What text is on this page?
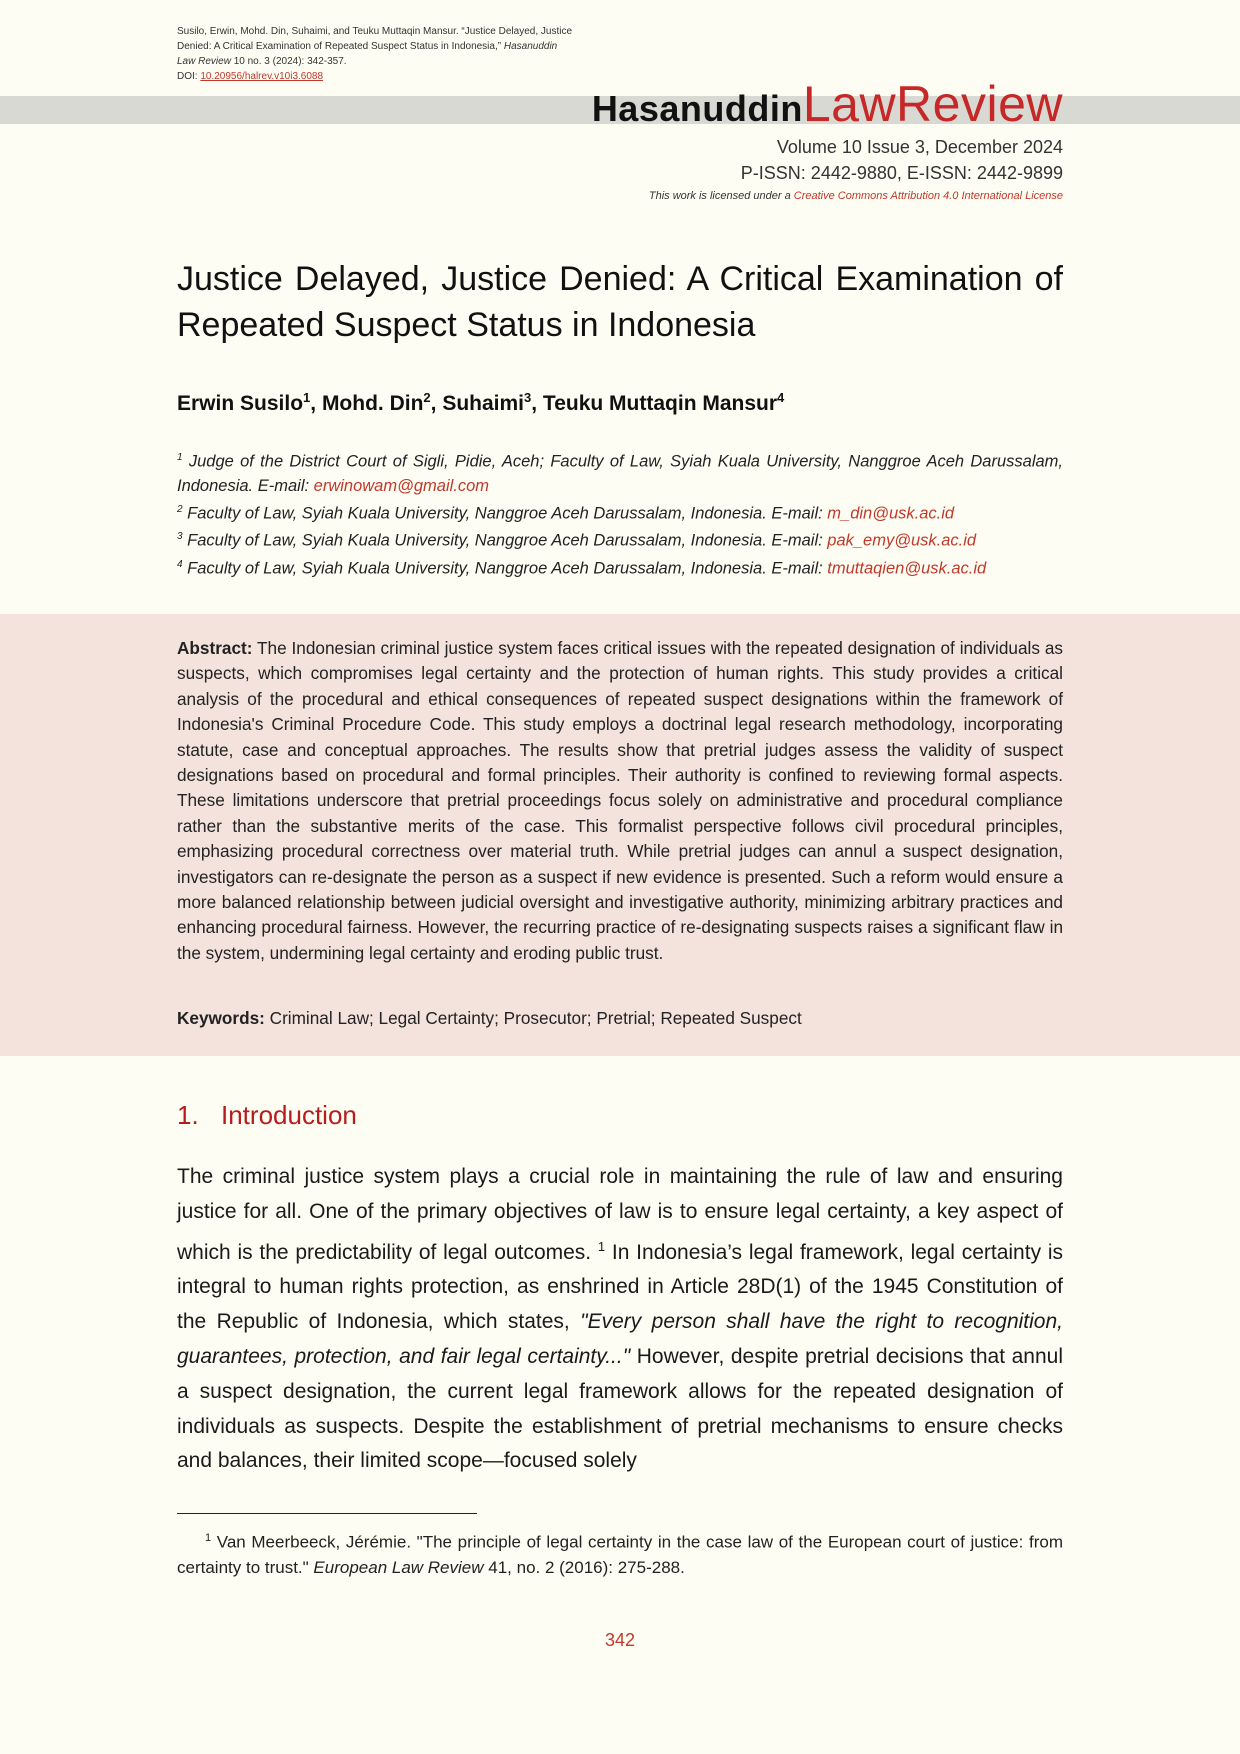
Susilo, Erwin, Mohd. Din, Suhaimi, and Teuku Muttaqin Mansur. “Justice Delayed, Justice Denied: A Critical Examination of Repeated Suspect Status in Indonesia,” Hasanuddin Law Review 10 no. 3 (2024): 342-357.
DOI: 10.20956/halrev.v10i3.6088
HasanuddinLawReview
Volume 10 Issue 3, December 2024
P-ISSN: 2442-9880, E-ISSN: 2442-9899
This work is licensed under a Creative Commons Attribution 4.0 International License
Justice Delayed, Justice Denied: A Critical Examination of Repeated Suspect Status in Indonesia
Erwin Susilo$^1$, Mohd. Din$^2$, Suhaimi$^3$, Teuku Muttaqin Mansur$^4$

$^1$ Judge of the District Court of Sigli, Pidie, Aceh; Faculty of Law, Syiah Kuala University, Nanggroe Aceh Darussalam, Indonesia. E-mail: erwinowam@gmail.com

$^2$ Faculty of Law, Syiah Kuala University, Nanggroe Aceh Darussalam, Indonesia. E-mail: m_din@usk.ac.id

$^3$ Faculty of Law, Syiah Kuala University, Nanggroe Aceh Darussalam, Indonesia. E-mail: pak_emy@usk.ac.id

$^4$ Faculty of Law, Syiah Kuala University, Nanggroe Aceh Darussalam, Indonesia. E-mail: tmuttaqien@usk.ac.id

Abstract: The Indonesian criminal justice system faces critical issues with the repeated designation of individuals as suspects, which compromises legal certainty and the protection of human rights. This study provides a critical analysis of the procedural and ethical consequences of repeated suspect designations within the framework of Indonesia's Criminal Procedure Code. This study employs a doctrinal legal research methodology, incorporating statute, case and conceptual approaches. The results show that pretrial judges assess the validity of suspect designations based on procedural and formal principles. Their authority is confined to reviewing formal aspects. These limitations underscore that pretrial proceedings focus solely on administrative and procedural compliance rather than the substantive merits of the case. This formalist perspective follows civil procedural principles, emphasizing procedural correctness over material truth. While pretrial judges can annul a suspect designation, investigators can re-designate the person as a suspect if new evidence is presented. Such a reform would ensure a more balanced relationship between judicial oversight and investigative authority, minimizing arbitrary practices and enhancing procedural fairness. However, the recurring practice of re-designating suspects raises a significant flaw in the system, undermining legal certainty and eroding public trust.

Keywords: Criminal Law; Legal Certainty; Prosecutor; Pretrial; Repeated Suspect

1. Introduction

The criminal justice system plays a crucial role in maintaining the rule of law and ensuring justice for all. One of the primary objectives of law is to ensure legal certainty, a key aspect of which is the predictability of legal outcomes. $^1$ In Indonesia’s legal framework, legal certainty is integral to human rights protection, as enshrined in Article 28D(1) of the 1945 Constitution of the Republic of Indonesia, which states, "Every person shall have the right to recognition, guarantees, protection, and fair legal certainty..." However, despite pretrial decisions that annul a suspect designation, the current legal framework allows for the repeated designation of individuals as suspects. Despite the establishment of pretrial mechanisms to ensure checks and balances, their limited scope—focused solely

$^1$ Van Meerbeeck, Jérémie. "The principle of legal certainty in the case law of the European court of justice: from certainty to trust." European Law Review 41, no. 2 (2016): 275-288.

342
